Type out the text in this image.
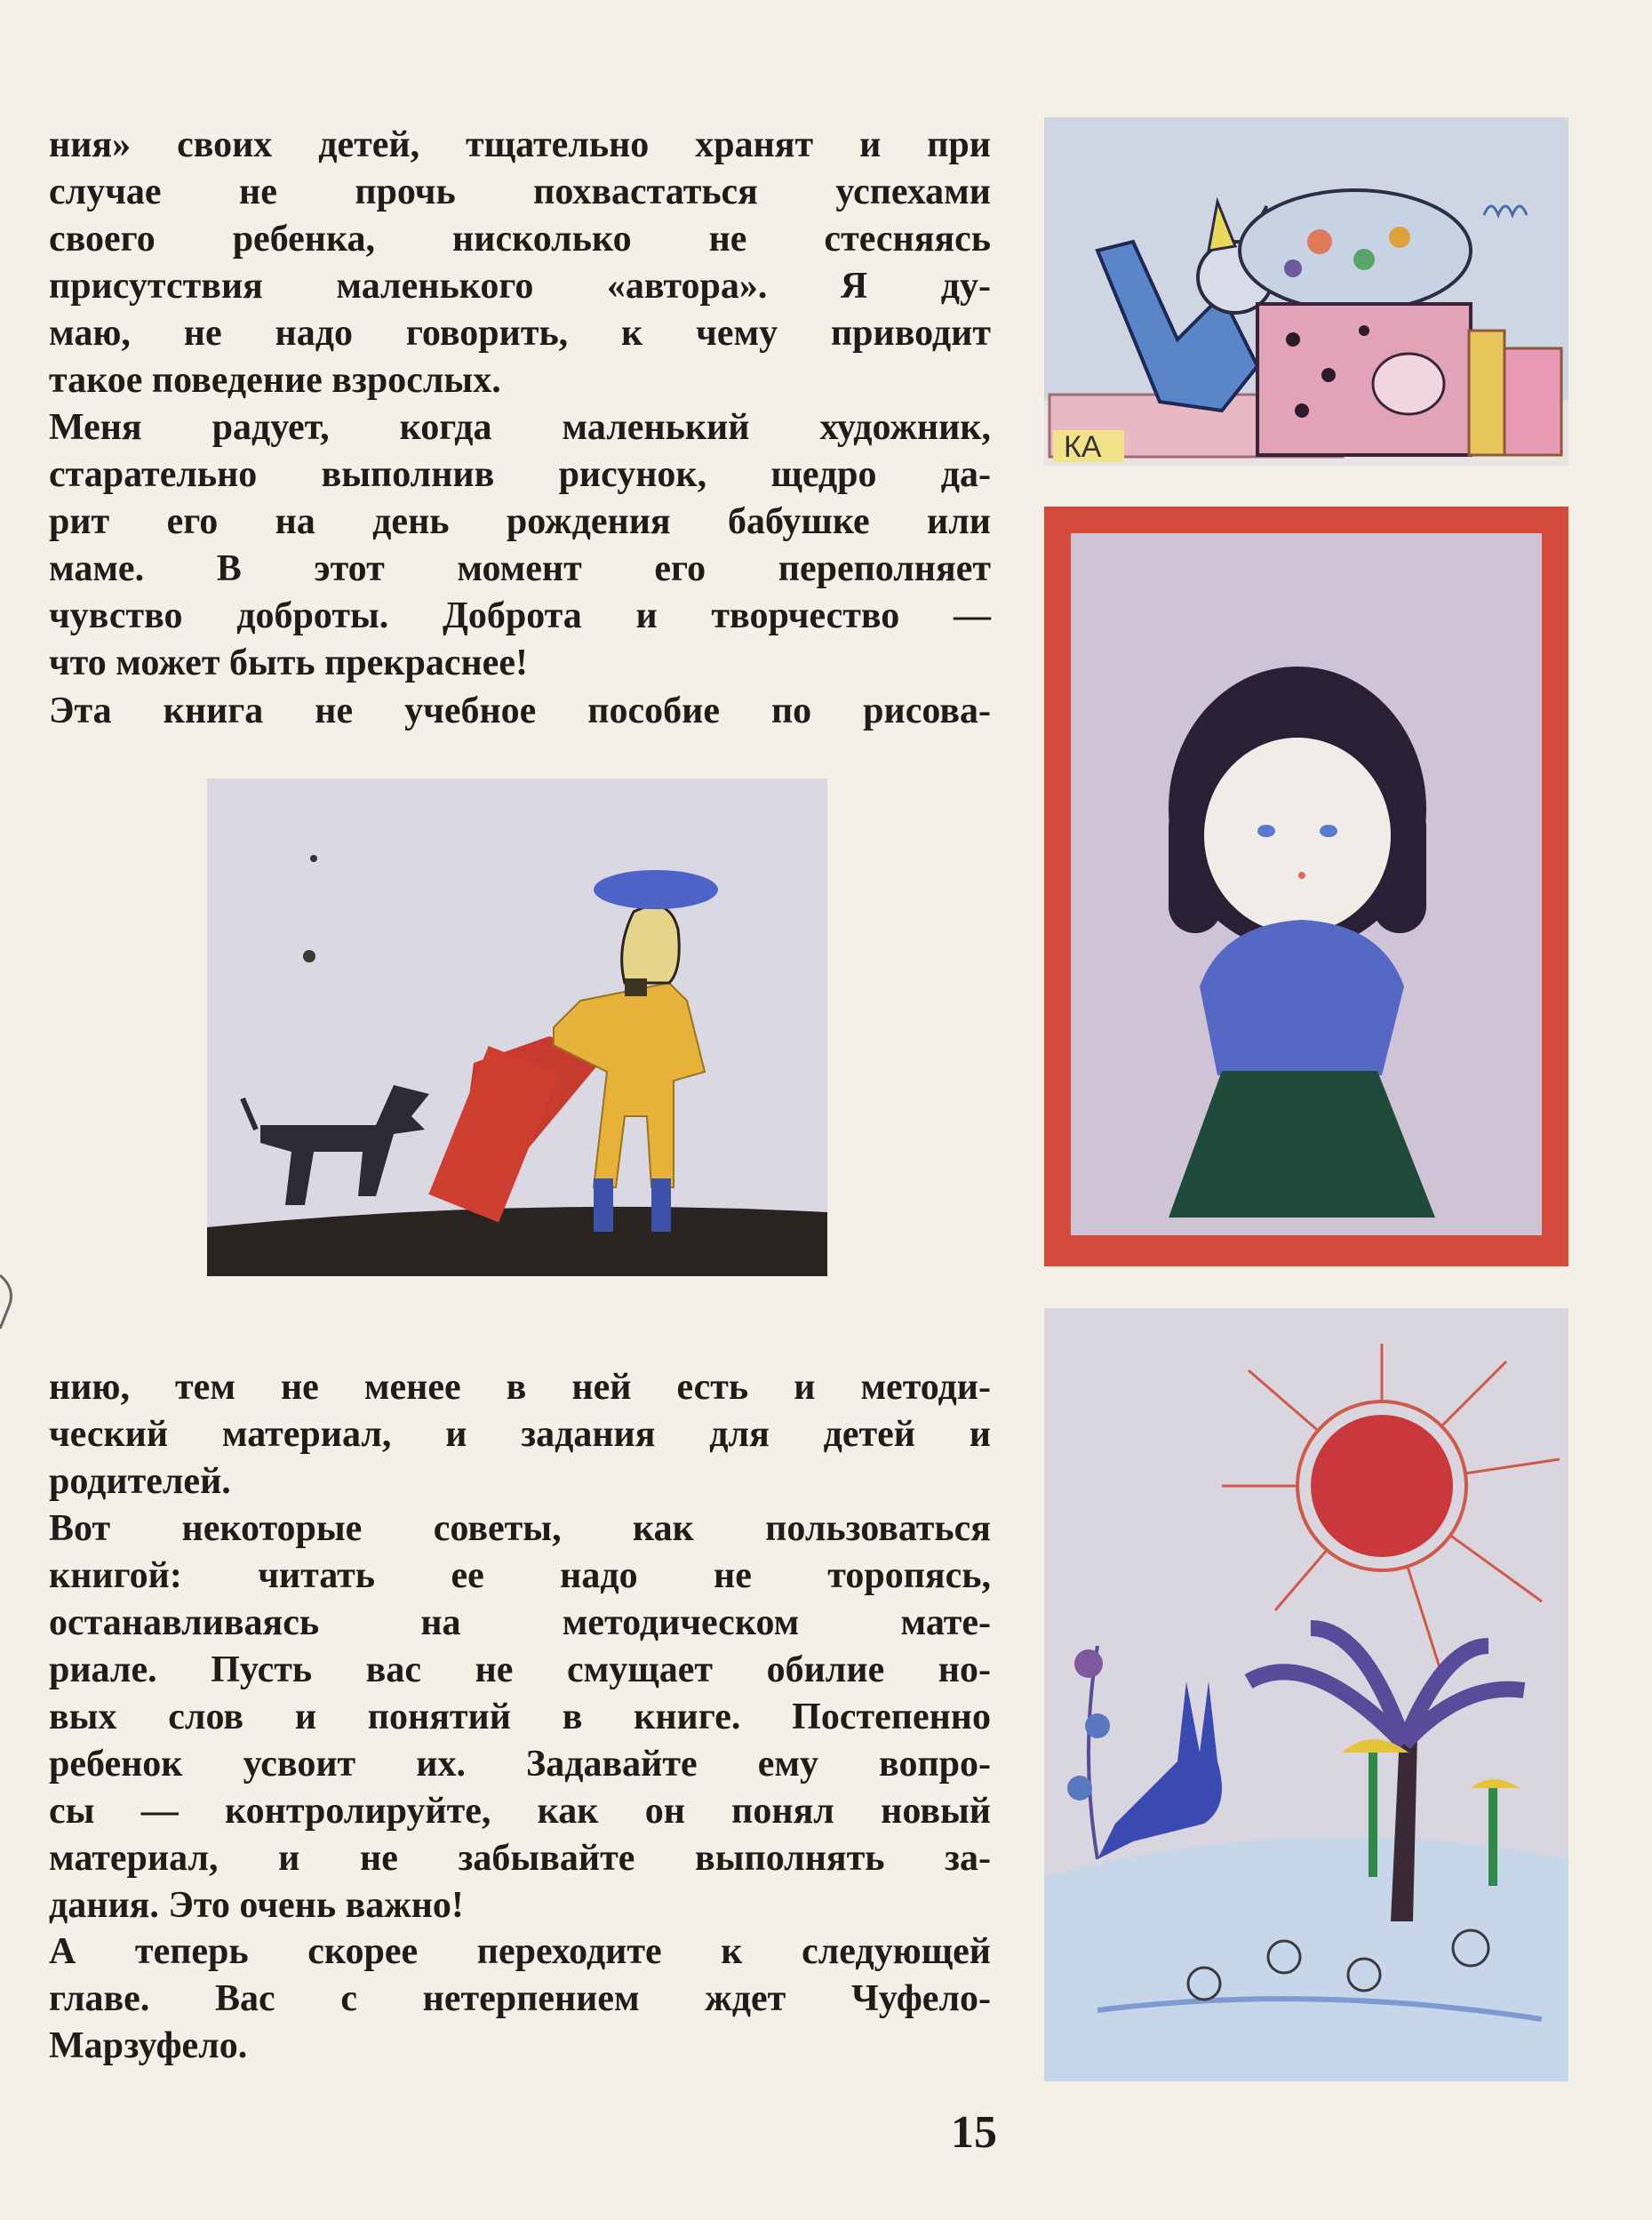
ния» своих детей, тщательно хранят и при
случае не прочь похвастаться успехами
своего ребенка, нисколько не стесняясь
присутствия маленького «автора». Я ду-
маю, не надо говорить, к чему приводит
такое поведение взрослых.

Меня радует, когда маленький художник,
старательно выполнив рисунок, щедро да-
рит его на день рождения бабушке или
маме. В этот момент его переполняет
чувство доброты. Доброта и творчество —
что может быть прекраснее!

Эта книга не учебное пособие по рисова-

нию, тем не менее в ней есть и методи-
ческий материал, и задания для детей и
родителей.

Вот некоторые советы, как пользоваться
книгой: читать ее надо не торопясь,
останавливаясь на методическом мате-
риале. Пусть вас не смущает обилие но-
вых слов и понятий в книге. Постепенно
ребенок усвоит их. Задавайте ему вопро-
сы — контролируйте, как он понял новый
материал, и не забывайте выполнять за-
дания. Это очень важно!

А теперь скорее переходите к следующей
главе. Вас с нетерпением ждет Чуфело-
Марзуфело.

КА
15
